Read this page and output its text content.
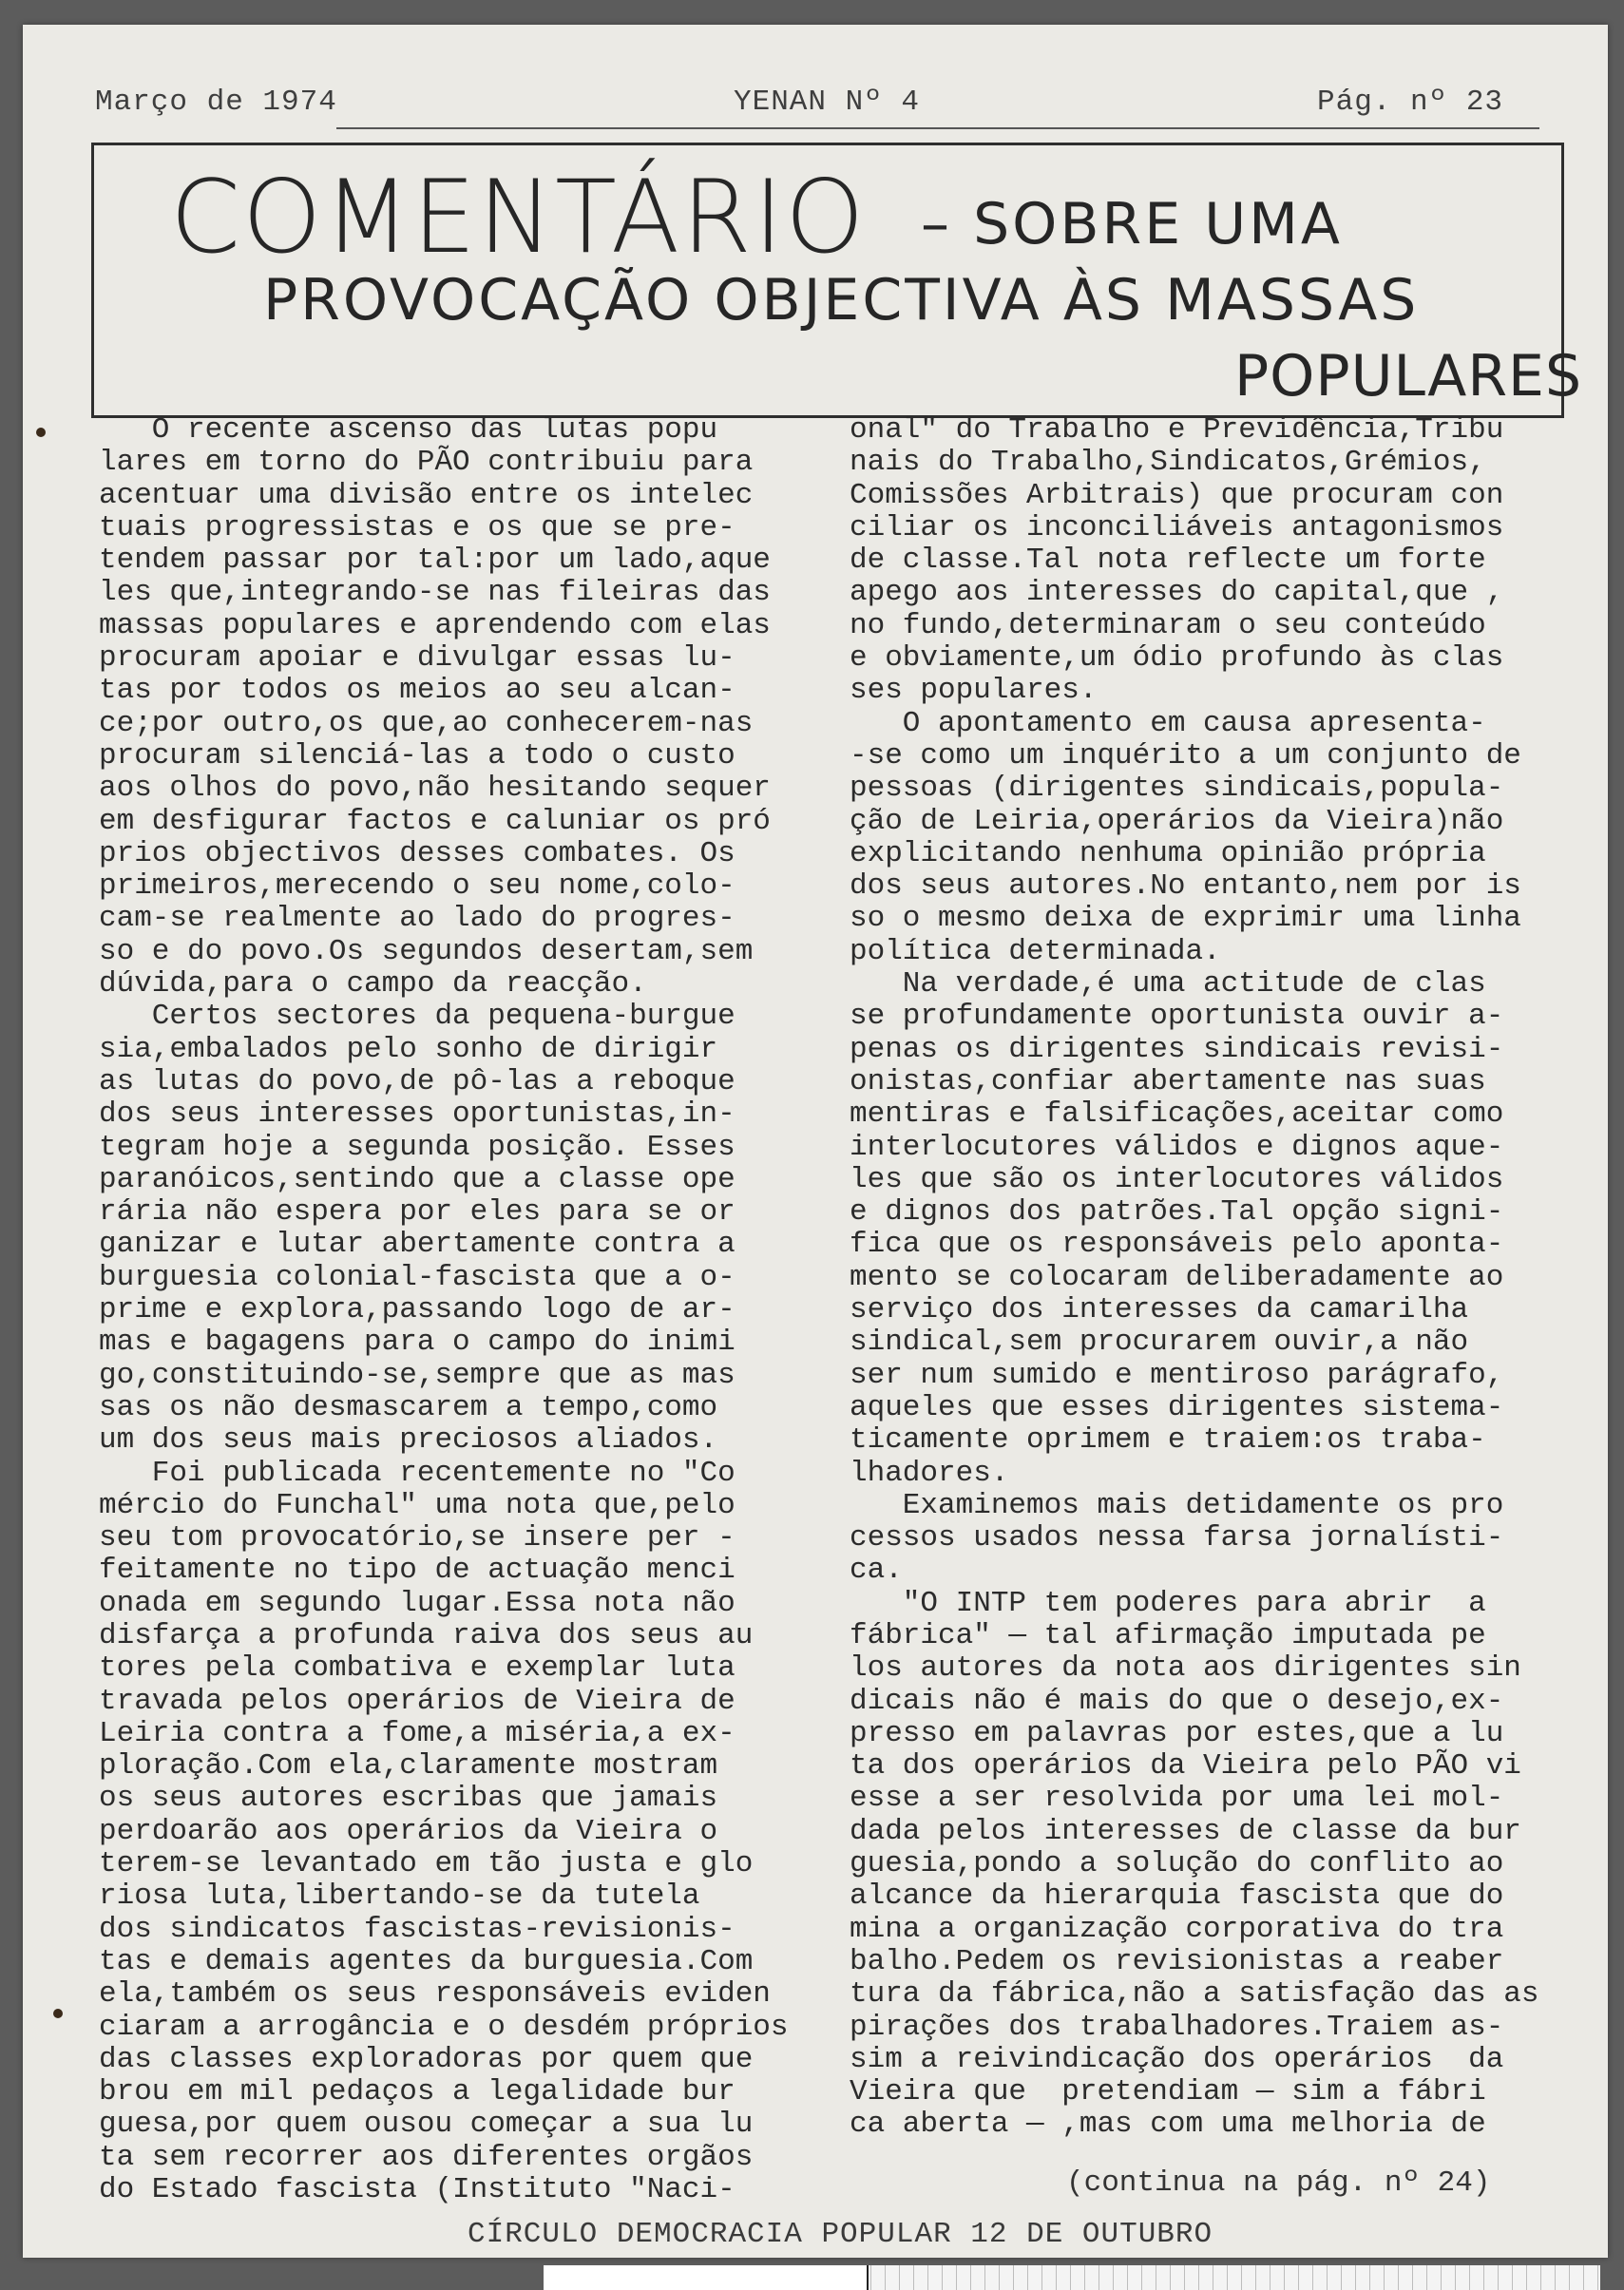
Março de 1974	YENAN Nº 4	Pág. nº 23
COMENTÁRIO – SOBRE UMA
PROVOCAÇÃO OBJECTIVA ÀS MASSAS
POPULARES

O recente ascenso das lutas popu
lares em torno do PÃO contribuiu para
acentuar uma divisão entre os intelec
tuais progressistas e os que se pre-
tendem passar por tal:por um lado,aque
les que,integrando-se nas fileiras das
massas populares e aprendendo com elas
procuram apoiar e divulgar essas lu-
tas por todos os meios ao seu alcan-
ce;por outro,os que,ao conhecerem-nas
procuram silenciá-las a todo o custo
aos olhos do povo,não hesitando sequer
em desfigurar factos e caluniar os pró
prios objectivos desses combates. Os
primeiros,merecendo o seu nome,colo-
cam-se realmente ao lado do progres-
so e do povo.Os segundos desertam,sem
dúvida,para o campo da reacção.
Certos sectores da pequena-burgue
sia,embalados pelo sonho de dirigir
as lutas do povo,de pô-las a reboque
dos seus interesses oportunistas,in-
tegram hoje a segunda posição. Esses
paranóicos,sentindo que a classe ope
rária não espera por eles para se or
ganizar e lutar abertamente contra a
burguesia colonial-fascista que a o-
prime e explora,passando logo de ar-
mas e bagagens para o campo do inimi
go,constituindo-se,sempre que as mas
sas os não desmascarem a tempo,como
um dos seus mais preciosos aliados.
Foi publicada recentemente no "Co
mércio do Funchal" uma nota que,pelo
seu tom provocatório,se insere per -
feitamente no tipo de actuação menci
onada em segundo lugar.Essa nota não
disfarça a profunda raiva dos seus au
tores pela combativa e exemplar luta
travada pelos operários de Vieira de
Leiria contra a fome,a miséria,a ex-
ploração.Com ela,claramente mostram
os seus autores escribas que jamais
perdoarão aos operários da Vieira o
terem-se levantado em tão justa e glo
riosa luta,libertando-se da tutela
dos sindicatos fascistas-revisionis-
tas e demais agentes da burguesia.Com
ela,também os seus responsáveis eviden
ciaram a arrogância e o desdém próprios
das classes exploradoras por quem que
brou em mil pedaços a legalidade bur
guesa,por quem ousou começar a sua lu
ta sem recorrer aos diferentes orgãos
do Estado fascista (Instituto "Naci-

onal" do Trabalho e Previdência,Tribu
nais do Trabalho,Sindicatos,Grémios,
Comissões Arbitrais) que procuram con
ciliar os inconciliáveis antagonismos
de classe.Tal nota reflecte um forte
apego aos interesses do capital,que ,
no fundo,determinaram o seu conteúdo
e obviamente,um ódio profundo às clas
ses populares.
O apontamento em causa apresenta-
-se como um inquérito a um conjunto de
pessoas (dirigentes sindicais,popula-
ção de Leiria,operários da Vieira)não
explicitando nenhuma opinião própria
dos seus autores.No entanto,nem por is
so o mesmo deixa de exprimir uma linha
política determinada.
Na verdade,é uma actitude de clas
se profundamente oportunista ouvir a-
penas os dirigentes sindicais revisi-
onistas,confiar abertamente nas suas
mentiras e falsificações,aceitar como
interlocutores válidos e dignos aque-
les que são os interlocutores válidos
e dignos dos patrões.Tal opção signi-
fica que os responsáveis pelo aponta-
mento se colocaram deliberadamente ao
serviço dos interesses da camarilha
sindical,sem procurarem ouvir,a não
ser num sumido e mentiroso parágrafo,
aqueles que esses dirigentes sistema-
ticamente oprimem e traiem:os traba-
lhadores.
Examinemos mais detidamente os pro
cessos usados nessa farsa jornalísti-
ca.
"O INTP tem poderes para abrir  a
fábrica" — tal afirmação imputada pe
los autores da nota aos dirigentes sin
dicais não é mais do que o desejo,ex-
presso em palavras por estes,que a lu
ta dos operários da Vieira pelo PÃO vi
esse a ser resolvida por uma lei mol-
dada pelos interesses de classe da bur
guesia,pondo a solução do conflito ao
alcance da hierarquia fascista que do
mina a organização corporativa do tra
balho.Pedem os revisionistas a reaber
tura da fábrica,não a satisfação das as
pirações dos trabalhadores.Traiem as-
sim a reivindicação dos operários  da
Vieira que  pretendiam — sim a fábri
ca aberta — ,mas com uma melhoria de

(continua na pág. nº 24)
CÍRCULO DEMOCRACIA POPULAR 12 DE OUTUBRO
